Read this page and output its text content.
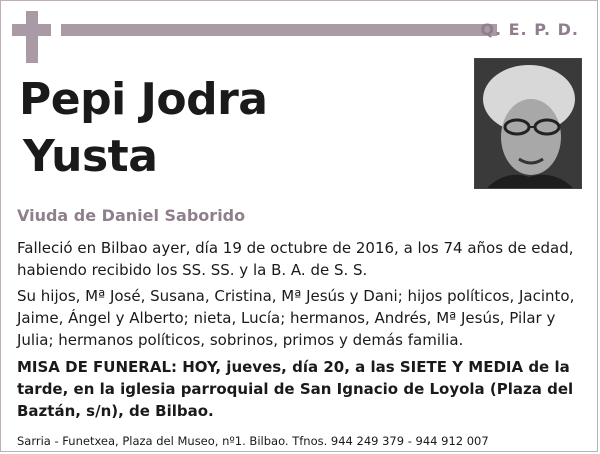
Q. E. P. D.
Pepi Jodra
Yusta
Viuda de Daniel Saborido
Falleció en Bilbao ayer, día 19 de octubre de 2016, a los 74 años de edad, habiendo recibido los SS. SS. y la B. A. de S. S.
Su hijos, Mª José, Susana, Cristina, Mª Jesús y Dani; hijos políticos, Jacinto, Jaime, Ángel y Alberto; nieta, Lucía; hermanos, Andrés, Mª Jesús, Pilar y Julia; hermanos políticos, sobrinos, primos y demás familia.
MISA DE FUNERAL: HOY, jueves, día 20, a las SIETE Y MEDIA de la tarde, en la iglesia parroquial de San Ignacio de Loyola (Plaza del Baztán, s/n), de Bilbao.
Sarria - Funetxea, Plaza del Museo, nº1. Bilbao. Tfnos. 944 249 379 - 944 912 007
